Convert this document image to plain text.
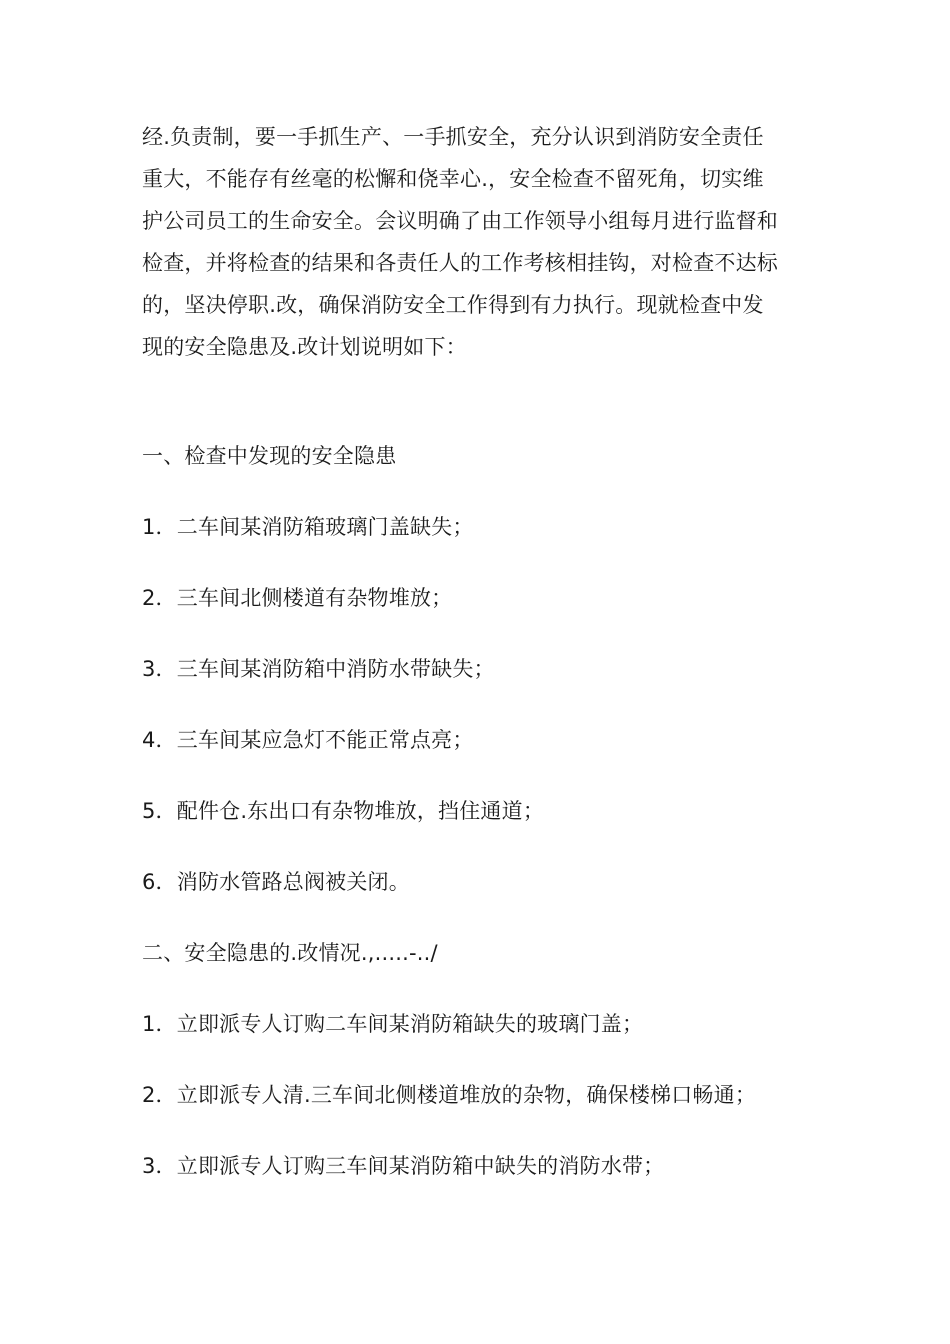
经.负责制，要一手抓生产、一手抓安全，充分认识到消防安全责任
重大，不能存有丝毫的松懈和侥幸心.，安全检查不留死角，切实维
护公司员工的生命安全。会议明确了由工作领导小组每月进行监督和
检查，并将检查的结果和各责任人的工作考核相挂钩，对检查不达标
的，坚决停职.改，确保消防安全工作得到有力执行。现就检查中发
现的安全隐患及.改计划说明如下：
一、检查中发现的安全隐患
1．二车间某消防箱玻璃门盖缺失；
2．三车间北侧楼道有杂物堆放；
3．三车间某消防箱中消防水带缺失；
4．三车间某应急灯不能正常点亮；
5．配件仓.东出口有杂物堆放，挡住通道；
6．消防水管路总阀被关闭。
二、安全隐患的.改情况.,.....-../
1．立即派专人订购二车间某消防箱缺失的玻璃门盖；
2．立即派专人清.三车间北侧楼道堆放的杂物，确保楼梯口畅通；
3．立即派专人订购三车间某消防箱中缺失的消防水带；
